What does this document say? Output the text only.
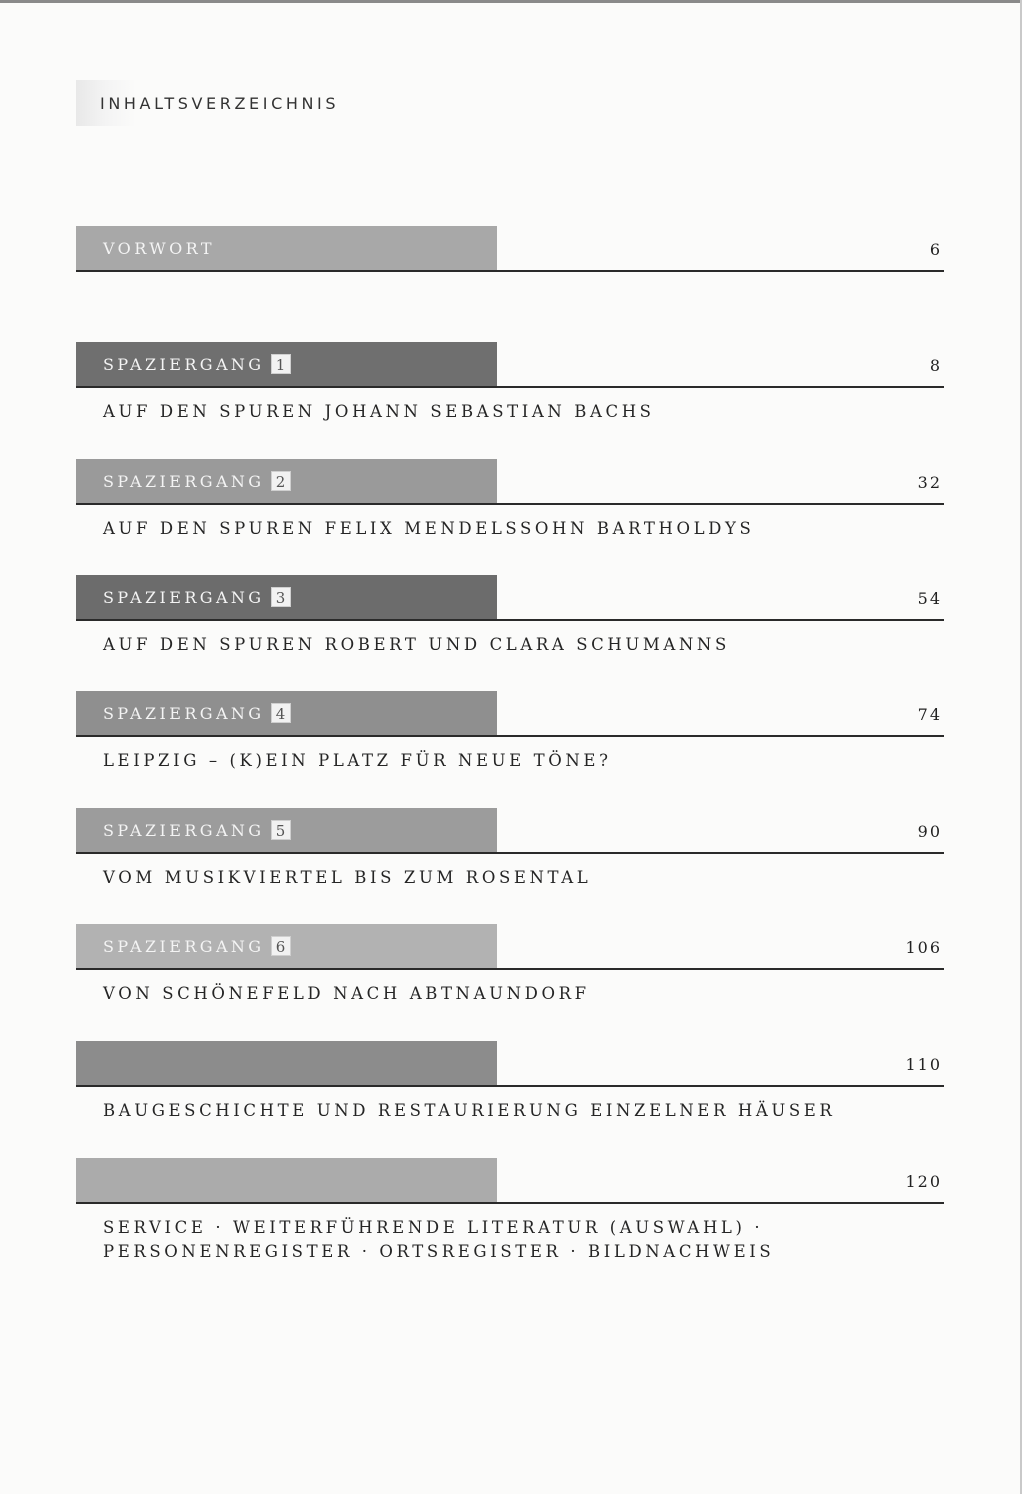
INHALTSVERZEICHNIS
VORWORT	6
SPAZIERGANG 1	8
AUF DEN SPUREN JOHANN SEBASTIAN BACHS
SPAZIERGANG 2	32
AUF DEN SPUREN FELIX MENDELSSOHN BARTHOLDYS
SPAZIERGANG 3	54
AUF DEN SPUREN ROBERT UND CLARA SCHUMANNS
SPAZIERGANG 4	74
LEIPZIG – (K)EIN PLATZ FÜR NEUE TÖNE?
SPAZIERGANG 5	90
VOM MUSIKVIERTEL BIS ZUM ROSENTAL
SPAZIERGANG 6	106
VON SCHÖNEFELD NACH ABTNAUNDORF
110
BAUGESCHICHTE UND RESTAURIERUNG EINZELNER HÄUSER
120
SERVICE · WEITERFÜHRENDE LITERATUR (AUSWAHL) ·
PERSONENREGISTER · ORTSREGISTER · BILDNACHWEIS
